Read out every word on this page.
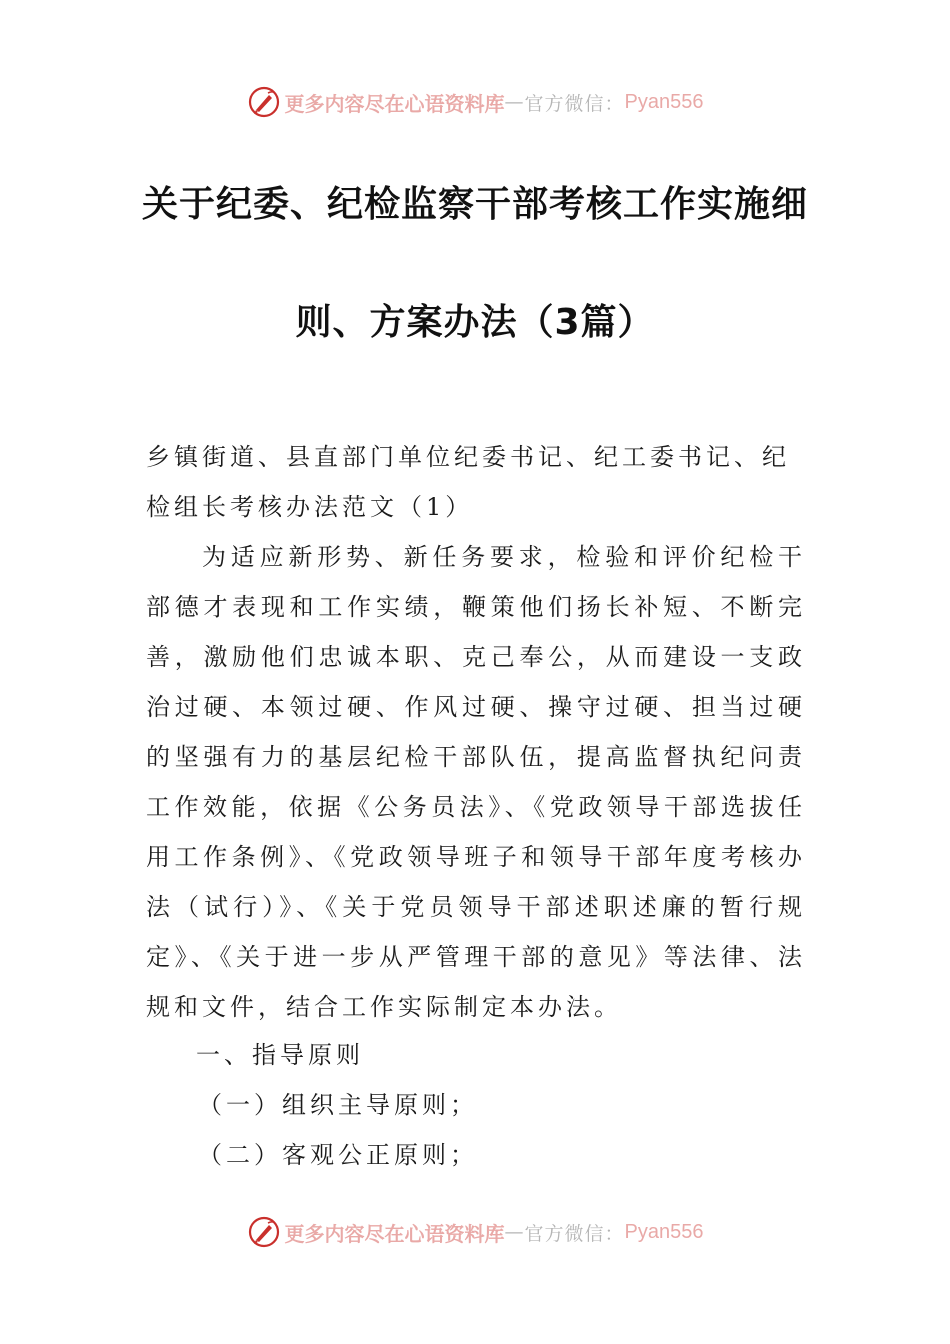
更多内容尽在心语资料库 — 官方微信： Pyan556
关于纪委、纪检监察干部考核工作实施细
则、方案办法（3篇）

乡镇街道、县直部门单位纪委书记、纪工委书记、纪检组长考核办法范文（1）

为适应新形势、新任务要求，检验和评价纪检干部德才表现和工作实绩，鞭策他们扬长补短、不断完善，激励他们忠诚本职、克己奉公，从而建设一支政治过硬、本领过硬、作风过硬、操守过硬、担当过硬的坚强有力的基层纪检干部队伍，提高监督执纪问责工作效能，依据《公务员法》、《党政领导干部选拔任用工作条例》、《党政领导班子和领导干部年度考核办法（试行）》、《关于党员领导干部述职述廉的暂行规定》、《关于进一步从严管理干部的意见》等法律、法规和文件，结合工作实际制定本办法。

一、指导原则

（一）组织主导原则；

（二）客观公正原则；

更多内容尽在心语资料库 — 官方微信： Pyan556
